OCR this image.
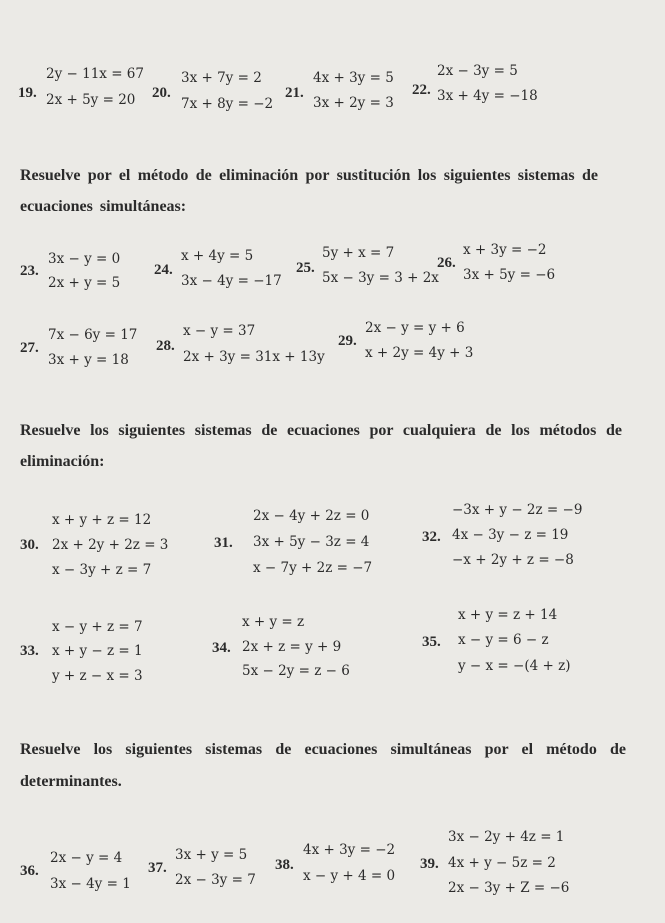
19.
2y − 11x = 67
2x + 5y = 20 20.
3x + 7y = 2
7x + 8y = −2
21.
4x + 3y = 5
3x + 2y = 3
22.
2x − 3y = 5
3x + 4y = −18
Resuelve por el método de eliminación por sustitución los siguientes sistemas de
ecuaciones simultáneas:
23.
3x − y = 0
2x + y = 5
24.
x + 4y = 5
3x − 4y = −17
25.
5y + x = 7
5x − 3y = 3 + 2x
26.
x + 3y = −2
3x + 5y = −6
27.
7x − 6y = 17
3x + y = 18
28.
x − y = 37
2x + 3y = 31x + 13y
29.
2x − y = y + 6
x + 2y = 4y + 3
Resuelve los siguientes sistemas de ecuaciones por cualquiera de los métodos de
eliminación:
30.
x + y + z = 12
2x + 2y + 2z = 3
x − 3y + z = 7
31.
2x − 4y + 2z = 0
3x + 5y − 3z = 4
x − 7y + 2z = −7
32.
−3x + y − 2z = −9
4x − 3y − z = 19
−x + 2y + z = −8
33.
x − y + z = 7
x + y − z = 1
y + z − x = 3
34.
x + y = z
2x + z = y + 9
5x − 2y = z − 6
35.
x + y = z + 14
x − y = 6 − z
y − x = −(4 + z)
Resuelve los siguientes sistemas de ecuaciones simultáneas por el método de
determinantes.
36.
2x − y = 4
3x − 4y = 1
37.
3x + y = 5
2x − 3y = 7
38.
4x + 3y = −2
x − y + 4 = 0
39.
3x − 2y + 4z = 1
4x + y − 5z = 2
2x − 3y + Z = −6
